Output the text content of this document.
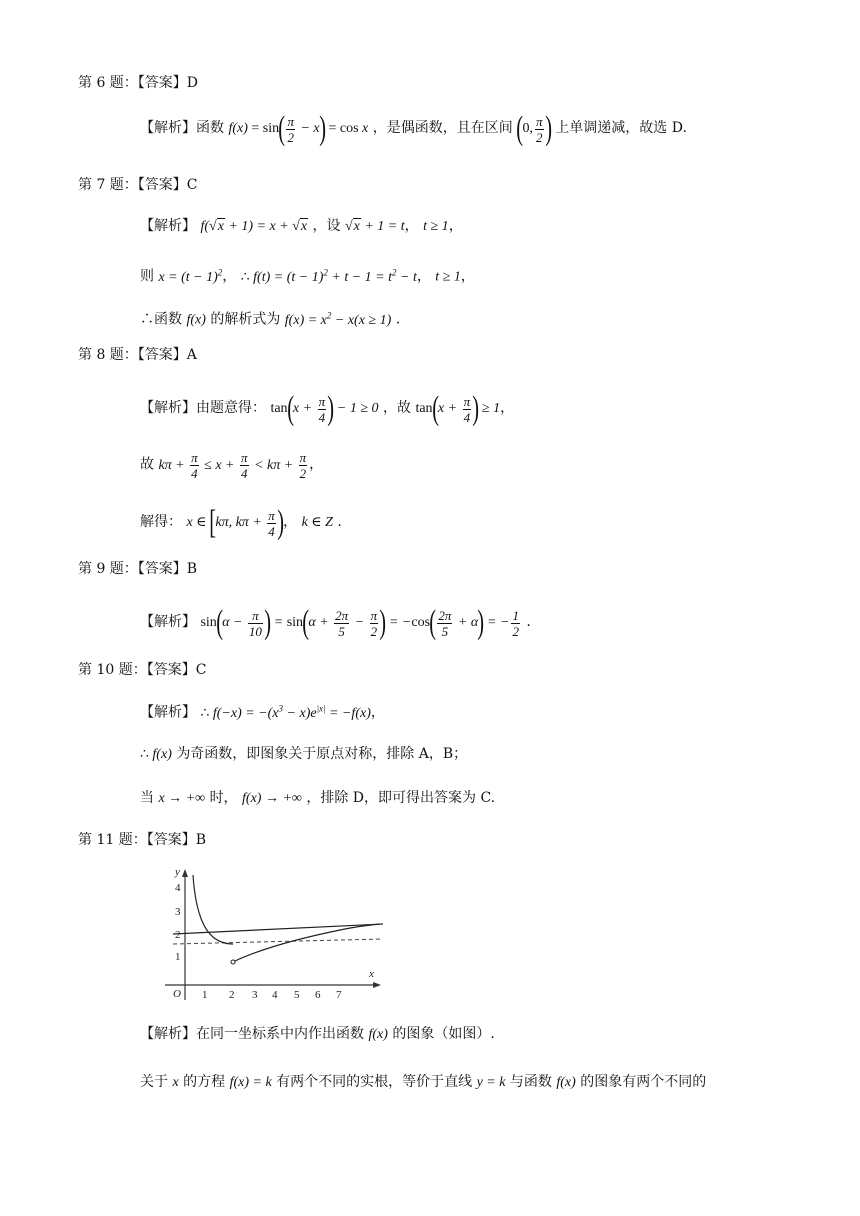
第 6 题：【答案】D
【解析】函数 $f(x) = \sin( \frac{\pi}{2} - x) = \cos x$ ，是偶函数，且在区间 (0, $\frac{\pi}{2}$ ) 上单调递减，故选 D.
第 7 题：【答案】C
【解析】 f(√x + 1) = x + √x ，设 √x + 1 = t， t ≥ 1，
则 $x = (t - 1)^2$， ∴ $f(t) = (t - 1)^2 + t - 1 = t^2 - t$， t ≥ 1，
∴函数 f(x) 的解析式为 $f(x) = x^2 - x(x \ge 1)$ .
第 8 题：【答案】A
【解析】由题意得： $\tan(x + \frac{\pi}{4}$ ) − 1 ≥ 0 ，故 $\tan(x + \frac{\pi}{4}$ ) ≥ 1，
故 $k\pi + \frac{\pi}{4} \le x + \frac{\pi}{4} < k\pi + \frac{\pi}{2}$ ，
解得： x ∈ [kπ, $k\pi + \frac{\pi}{4}$ )， k ∈ Z .
第 9 题：【答案】B
【解析】 $\sin(\alpha - \frac{\pi}{10}$ ) = $\sin(\alpha + \frac{2\pi}{5} - \frac{\pi}{2}$ ) = $-\cos( \frac{2\pi}{5} + \alpha)$ = − $\frac{1}{2}$ .
第 10 题：【答案】C
【解析】 ∴ $f(-x) = -(x^3 - x)e^{|x|} = -f(x)$，
∴ f(x) 为奇函数，即图象关于原点对称，排除 A，B；
当 x → +∞ 时， f(x) → +∞ ，排除 D，即可得出答案为 C.
第 11 题：【答案】B
x
y
O 1 2 3 4 5 6 7
1
2
3
4
【解析】在同一坐标系中内作出函数 f(x) 的图象（如图）.
关于 x 的方程 f(x) = k 有两个不同的实根，等价于直线 y = k 与函数 f(x) 的图象有两个不同的
